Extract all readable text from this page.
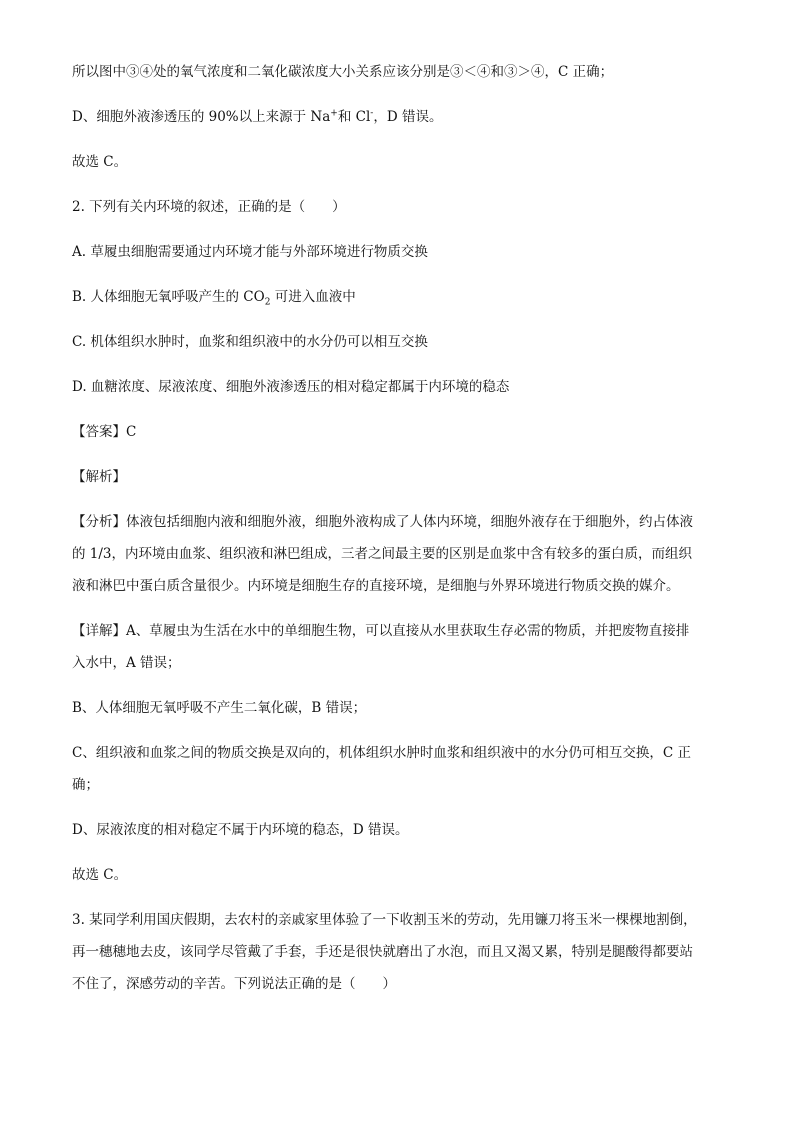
所以图中③④处的氧气浓度和二氧化碳浓度大小关系应该分别是③＜④和③＞④，C 正确；

D、细胞外液渗透压的 90%以上来源于 Na+和 Cl-，D 错误。

故选 C。

2. 下列有关内环境的叙述，正确的是（　　）

A. 草履虫细胞需要通过内环境才能与外部环境进行物质交换

B. 人体细胞无氧呼吸产生的 $CO_2$ 可进入血液中

C. 机体组织水肿时，血浆和组织液中的水分仍可以相互交换

D. 血糖浓度、尿液浓度、细胞外液渗透压的相对稳定都属于内环境的稳态

【答案】C

【解析】

【分析】体液包括细胞内液和细胞外液，细胞外液构成了人体内环境，细胞外液存在于细胞外，约占体液

的 1/3，内环境由血浆、组织液和淋巴组成，三者之间最主要的区别是血浆中含有较多的蛋白质，而组织

液和淋巴中蛋白质含量很少。内环境是细胞生存的直接环境，是细胞与外界环境进行物质交换的媒介。

【详解】A、草履虫为生活在水中的单细胞生物，可以直接从水里获取生存必需的物质，并把废物直接排

入水中，A 错误；

B、人体细胞无氧呼吸不产生二氧化碳，B 错误；

C、组织液和血浆之间的物质交换是双向的，机体组织水肿时血浆和组织液中的水分仍可相互交换，C 正

确；

D、尿液浓度的相对稳定不属于内环境的稳态，D 错误。

故选 C。

3. 某同学利用国庆假期，去农村的亲戚家里体验了一下收割玉米的劳动，先用镰刀将玉米一棵棵地割倒，

再一穗穗地去皮，该同学尽管戴了手套，手还是很快就磨出了水泡，而且又渴又累，特别是腿酸得都要站

不住了，深感劳动的辛苦。下列说法正确的是（　　）
